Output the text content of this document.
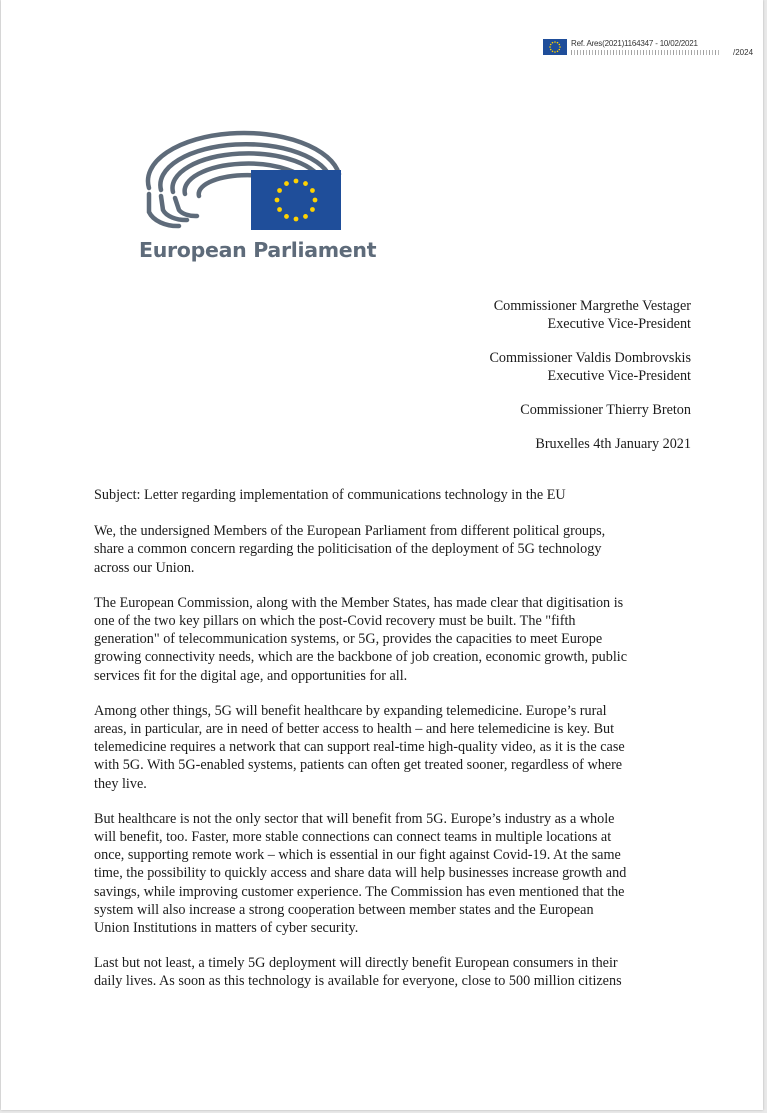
Ref. Ares(2021)1164347 - 10/02/2021
/2024
European Parliament
Commissioner Margrethe Vestager
Executive Vice-President
Commissioner Valdis Dombrovskis
Executive Vice-President
Commissioner Thierry Breton
Bruxelles 4th January 2021
Subject: Letter regarding implementation of communications technology in the EU
We, the undersigned Members of the European Parliament from different political groups,
share a common concern regarding the politicisation of the deployment of 5G technology
across our Union.
The European Commission, along with the Member States, has made clear that digitisation is
one of the two key pillars on which the post-Covid recovery must be built. The "fifth
generation" of telecommunication systems, or 5G, provides the capacities to meet Europe
growing connectivity needs, which are the backbone of job creation, economic growth, public
services fit for the digital age, and opportunities for all.
Among other things, 5G will benefit healthcare by expanding telemedicine. Europe’s rural
areas, in particular, are in need of better access to health – and here telemedicine is key. But
telemedicine requires a network that can support real-time high-quality video, as it is the case
with 5G. With 5G-enabled systems, patients can often get treated sooner, regardless of where
they live.
But healthcare is not the only sector that will benefit from 5G. Europe’s industry as a whole
will benefit, too. Faster, more stable connections can connect teams in multiple locations at
once, supporting remote work – which is essential in our fight against Covid-19. At the same
time, the possibility to quickly access and share data will help businesses increase growth and
savings, while improving customer experience. The Commission has even mentioned that the
system will also increase a strong cooperation between member states and the European
Union Institutions in matters of cyber security.
Last but not least, a timely 5G deployment will directly benefit European consumers in their
daily lives. As soon as this technology is available for everyone, close to 500 million citizens
